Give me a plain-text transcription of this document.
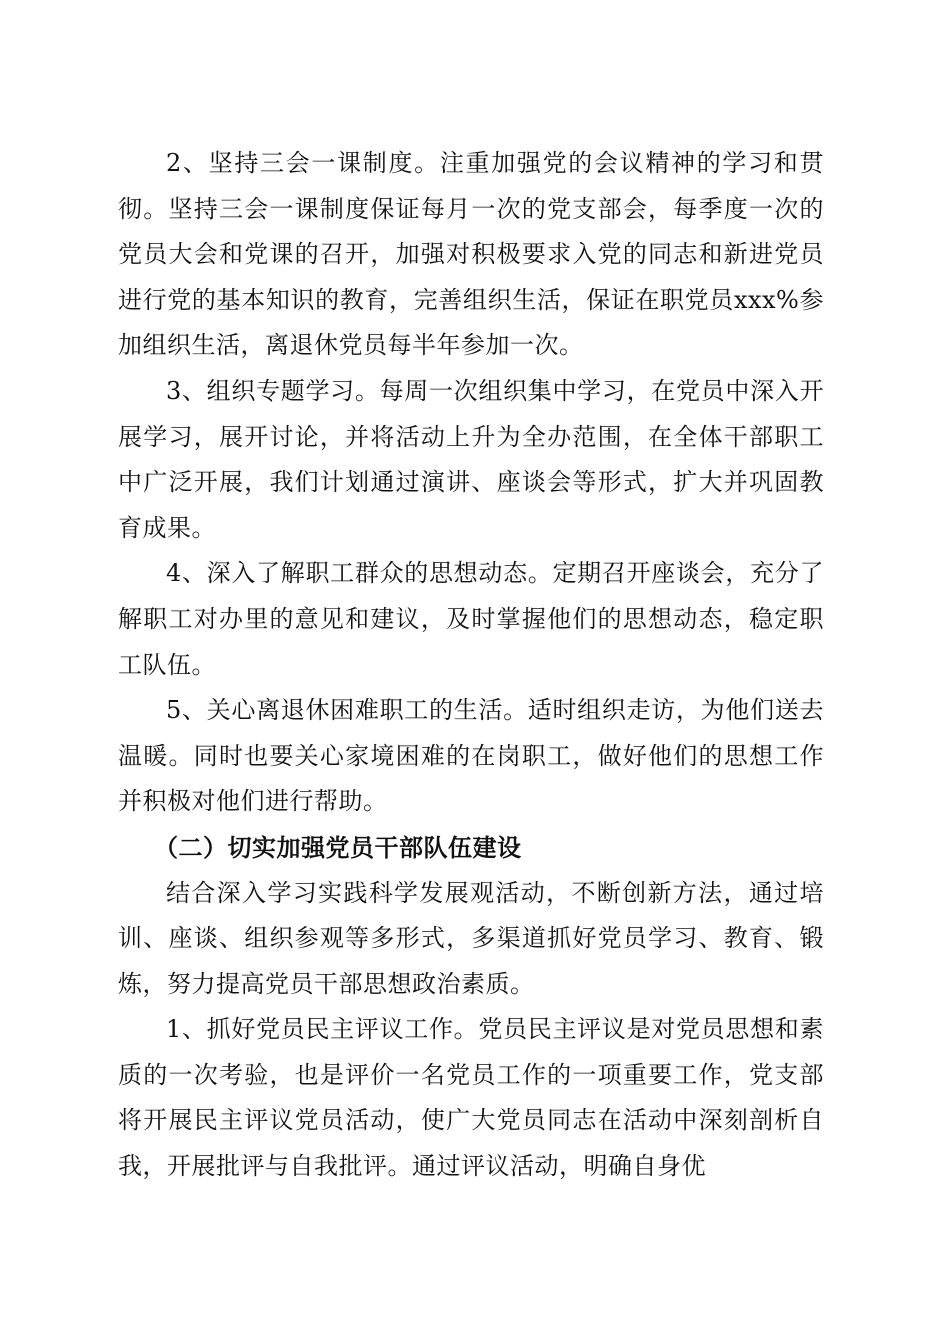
2、坚持三会一课制度。注重加强党的会议精神的学习和贯彻。坚持三会一课制度保证每月一次的党支部会，每季度一次的党员大会和党课的召开，加强对积极要求入党的同志和新进党员进行党的基本知识的教育，完善组织生活，保证在职党员xxx%参加组织生活，离退休党员每半年参加一次。

3、组织专题学习。每周一次组织集中学习，在党员中深入开展学习，展开讨论，并将活动上升为全办范围，在全体干部职工中广泛开展，我们计划通过演讲、座谈会等形式，扩大并巩固教育成果。

4、深入了解职工群众的思想动态。定期召开座谈会，充分了解职工对办里的意见和建议，及时掌握他们的思想动态，稳定职工队伍。

5、关心离退休困难职工的生活。适时组织走访，为他们送去温暖。同时也要关心家境困难的在岗职工，做好他们的思想工作并积极对他们进行帮助。

（二）切实加强党员干部队伍建设

结合深入学习实践科学发展观活动，不断创新方法，通过培训、座谈、组织参观等多形式，多渠道抓好党员学习、教育、锻炼，努力提高党员干部思想政治素质。

1、抓好党员民主评议工作。党员民主评议是对党员思想和素质的一次考验，也是评价一名党员工作的一项重要工作，党支部将开展民主评议党员活动，使广大党员同志在活动中深刻剖析自我，开展批评与自我批评。通过评议活动，明确自身优
